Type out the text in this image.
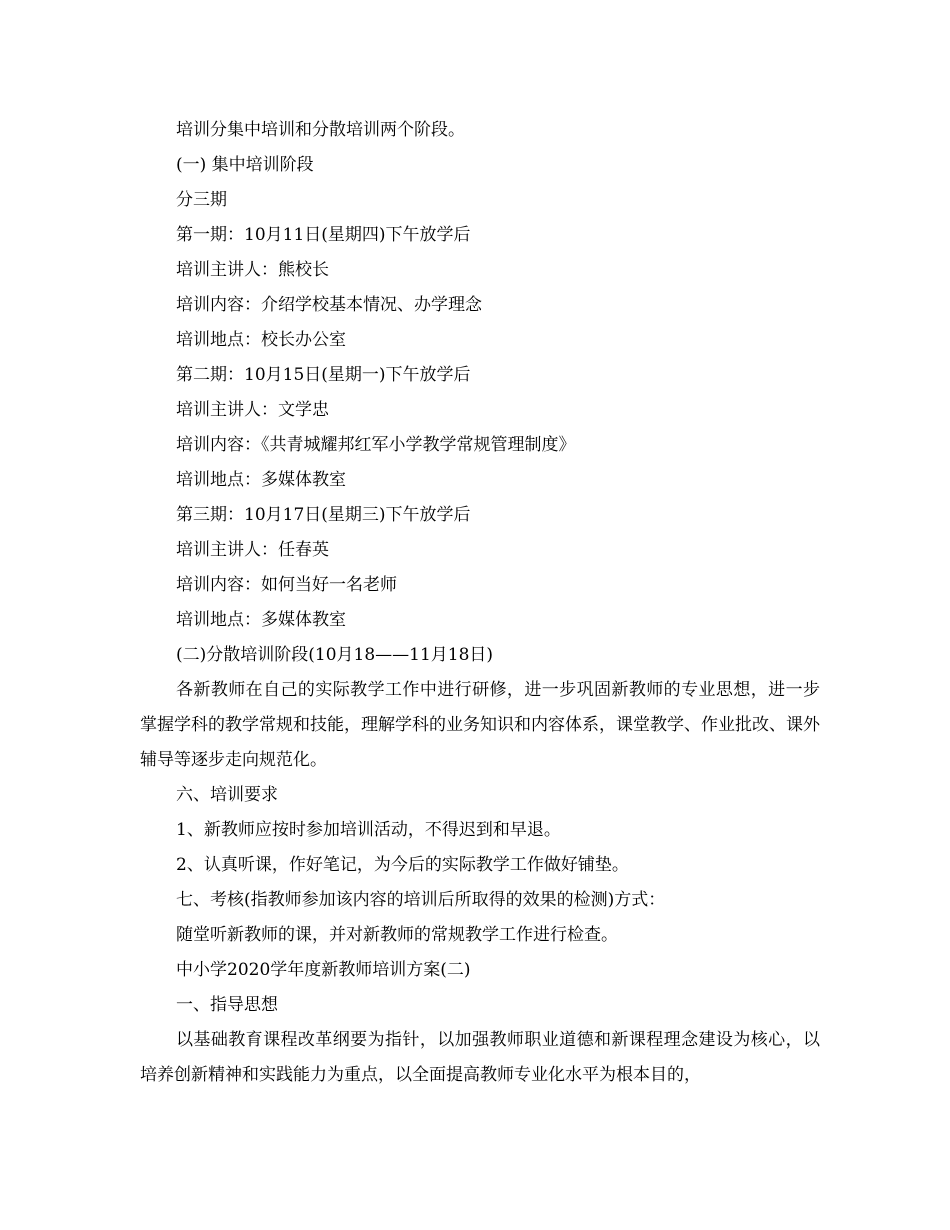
培训分集中培训和分散培训两个阶段。
(一) 集中培训阶段
分三期
第一期：10月11日(星期四)下午放学后
培训主讲人：熊校长
培训内容：介绍学校基本情况、办学理念
培训地点：校长办公室
第二期：10月15日(星期一)下午放学后
培训主讲人：文学忠
培训内容：《共青城耀邦红军小学教学常规管理制度》
培训地点：多媒体教室
第三期：10月17日(星期三)下午放学后
培训主讲人：任春英
培训内容：如何当好一名老师
培训地点：多媒体教室
(二)分散培训阶段(10月18——11月18日)

各新教师在自己的实际教学工作中进行研修，进一步巩固新教师的专业思想，进一步掌握学科的教学常规和技能，理解学科的业务知识和内容体系，课堂教学、作业批改、课外辅导等逐步走向规范化。

六、培训要求
1、新教师应按时参加培训活动，不得迟到和早退。
2、认真听课，作好笔记，为今后的实际教学工作做好铺垫。
七、考核(指教师参加该内容的培训后所取得的效果的检测)方式：
随堂听新教师的课，并对新教师的常规教学工作进行检查。
中小学2020学年度新教师培训方案(二)
一、指导思想

以基础教育课程改革纲要为指针，以加强教师职业道德和新课程理念建设为核心，以培养创新精神和实践能力为重点，以全面提高教师专业化水平为根本目的，
